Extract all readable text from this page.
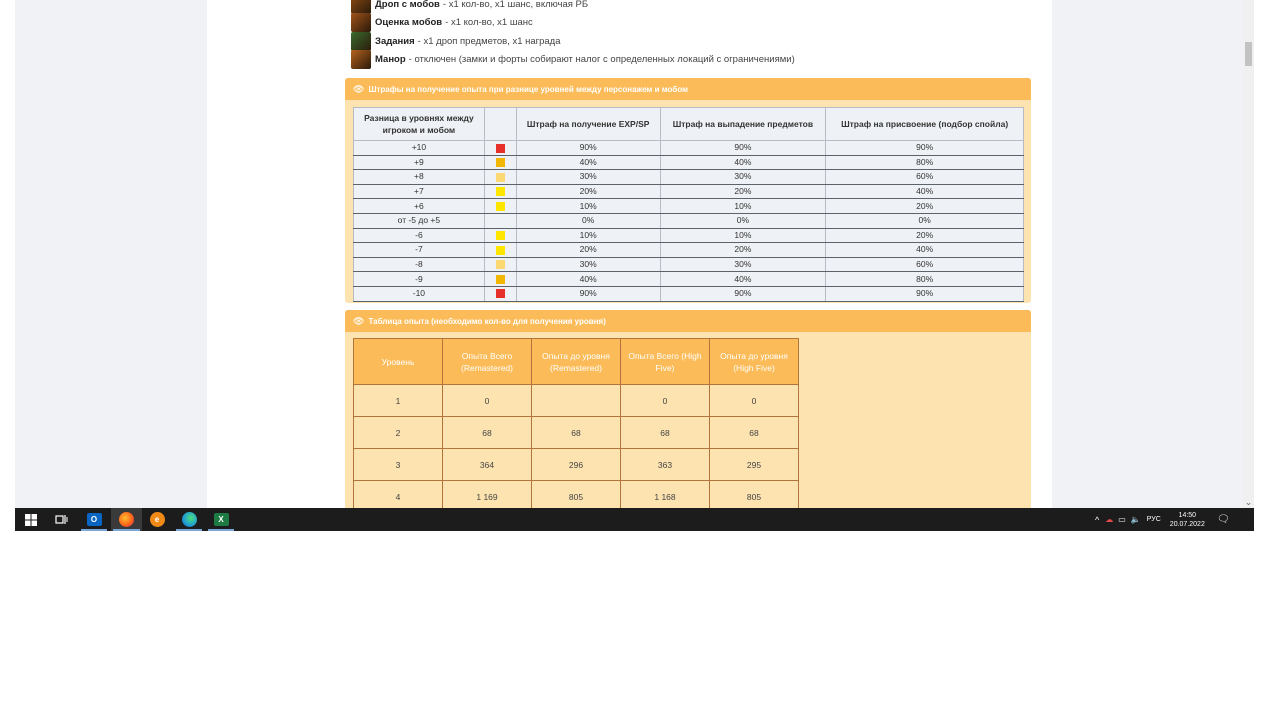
Дроп с мобов - x1 кол-во, x1 шанс, включая РБ
Оценка мобов - x1 кол-во, x1 шанс
Задания - x1 дроп предметов, x1 награда
Манор - отключен (замки и форты собирают налог с определенных локаций с ограничениями)
👁 Штрафы на получение опыта при разнице уровней между персонажем и мобом
Разница в уровнях между игроком и мобом		Штраф на получение EXP/SP	Штраф на выпадение предметов	Штраф на присвоение (подбор спойла)
+10		90%	90%	90%
+9		40%	40%	80%
+8		30%	30%	60%
+7		20%	20%	40%
+6		10%	10%	20%
от -5 до +5		0%	0%	0%
-6		10%	10%	20%
-7		20%	20%	40%
-8		30%	30%	60%
-9		40%	40%	80%
-10		90%	90%	90%
👁 Таблица опыта (необходимо кол-во для получения уровня)
Уровень	Опыта Всего (Remastered)	Опыта до уровня (Remastered)	Опыта Всего (High Five)	Опыта до уровня (High Five)
1	0		0	0
2	68	68	68	68
3	364	296	363	295
4	1 169	805	1 168	805

⌄
O	e	X	^ ☁ ▭ 🔈 РУС
14:50
20.07.2022 🗨
